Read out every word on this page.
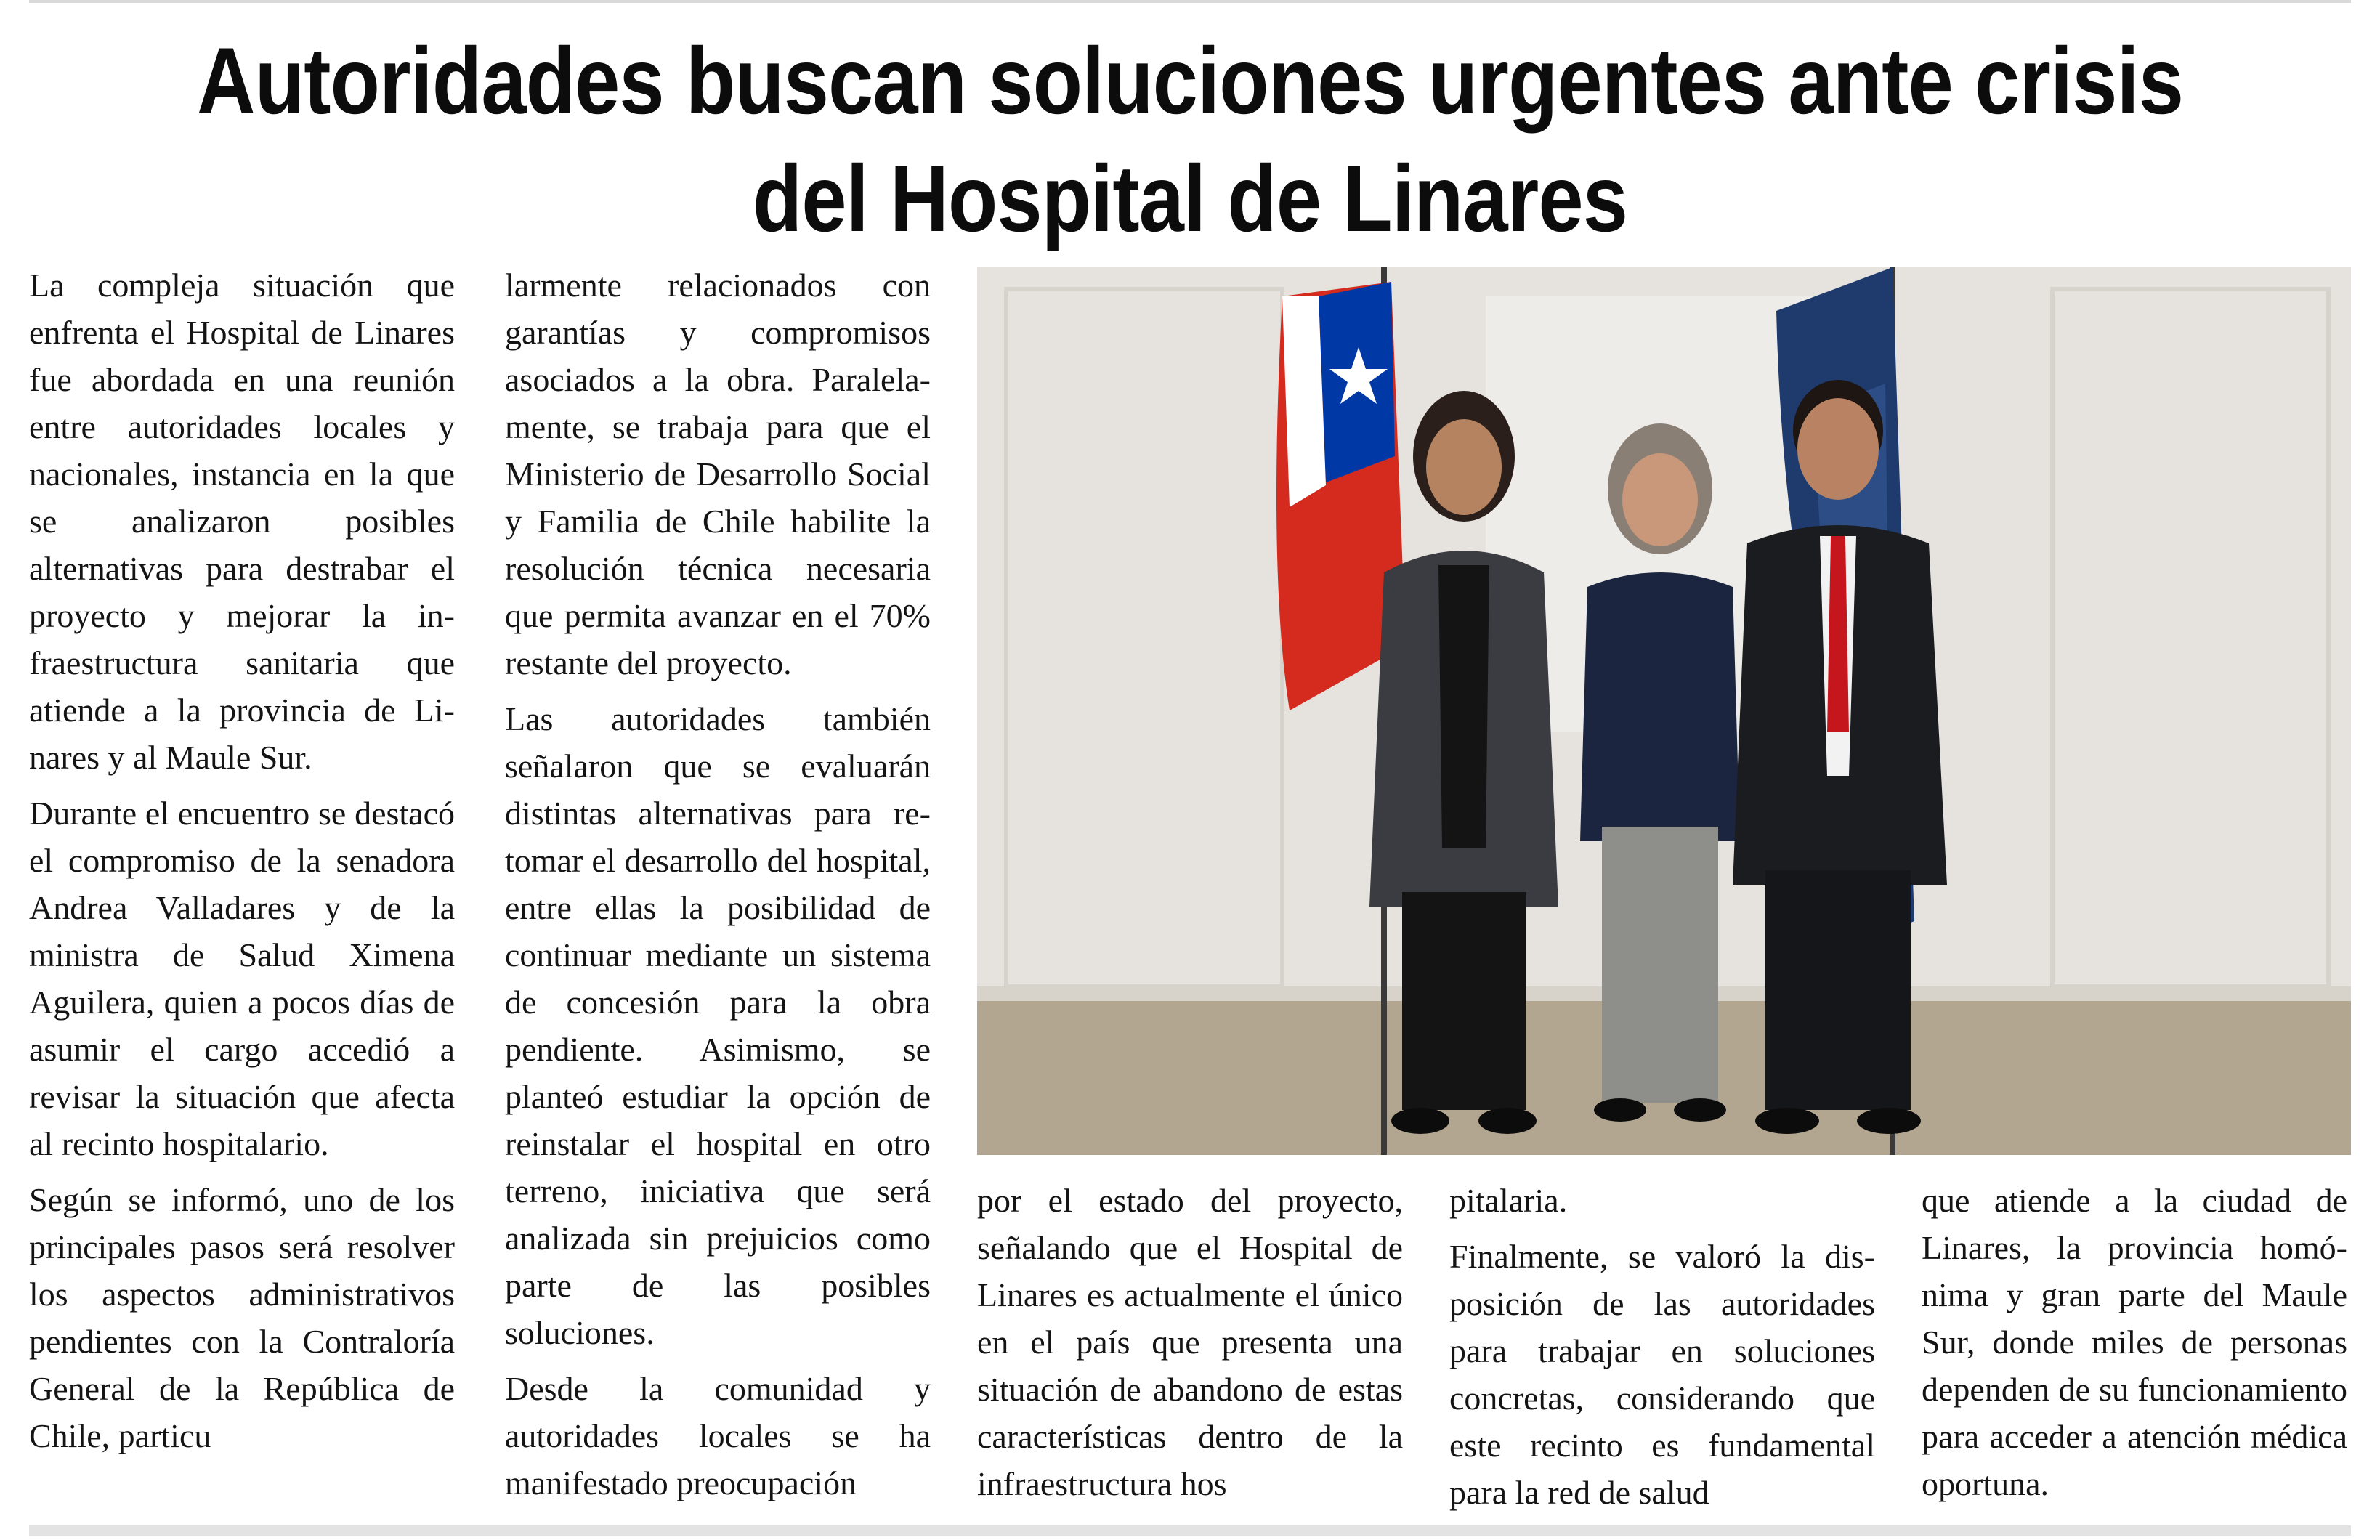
Autoridades buscan soluciones urgentes ante crisis del Hospital de Linares

La compleja situación que enfrenta el Hospital de Linares fue abordada en una reunión entre autoridades locales y nacionales, instancia en la que se analizaron posibles alternativas para destrabar el proyecto y mejorar la infraestructura sanitaria que atiende a la provincia de Linares y al Maule Sur.

Durante el encuentro se destacó el compromiso de la senadora Andrea Valladares y de la ministra de Salud Ximena Aguilera, quien a pocos días de asumir el cargo accedió a revisar la situación que afecta al recinto hospitalario.

Según se informó, uno de los principales pasos será resolver los aspectos administrativos pendientes con la Contraloría General de la República de Chile, particu

larmente relacionados con garantías y compromisos asociados a la obra. Paralelamente, se trabaja para que el Ministerio de Desarrollo Social y Familia de Chile habilite la resolución técnica necesaria que permita avanzar en el 70% restante del proyecto.

Las autoridades también señalaron que se evaluarán distintas alternativas para retomar el desarrollo del hospital, entre ellas la posibilidad de continuar mediante un sistema de concesión para la obra pendiente. Asimismo, se planteó estudiar la opción de reinstalar el hospital en otro terreno, iniciativa que será analizada sin prejuicios como parte de las posibles soluciones.

Desde la comunidad y autoridades locales se ha manifestado preocupación

por el estado del proyecto, señalando que el Hospital de Linares es actualmente el único en el país que presenta una situación de abandono de estas características dentro de la infraestructura hos

pitalaria.

Finalmente, se valoró la disposición de las autoridades para trabajar en soluciones concretas, considerando que este recinto es fundamental para la red de salud

que atiende a la ciudad de Linares, la provincia homónima y gran parte del Maule Sur, donde miles de personas dependen de su funcionamiento para acceder a atención médica oportuna.
